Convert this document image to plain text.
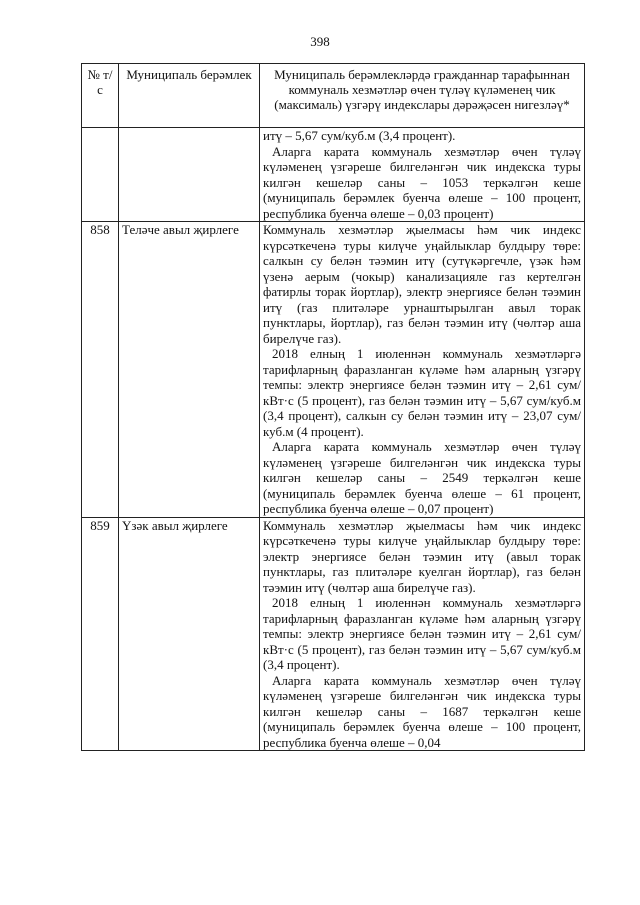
398
№ т/с	Муниципаль берәмлек	Муниципаль берәмлекләрдә гражданнар тарафыннан коммуналь хезмәтләр өчен түләү күләменең чик (максималь) үзгәрү индекслары дәрәҗәсен нигезләү*

		итү – 5,67 сум/куб.м (3,4 процент).

Аларга карата коммуналь хезмәтләр өчен түләү күләменең үзгәреше билгеләнгән чик индекска туры килгән кешеләр саны – 1053 теркәлгән кеше (муниципаль берәмлек буенча өлеше – 100 процент, республика буенча өлеше – 0,03 процент)

858	Теләче авыл җирлеге	Коммуналь хезмәтләр җыелмасы һәм чик индекс күрсәткеченә туры килүче уңайлыклар булдыру төре: салкын су белән тәэмин итү (сутүкәргечле, үзәк һәм үзенә аерым (чокыр) канализацияле газ кертелгән фатирлы торак йортлар), электр энергиясе белән тәэмин итү (газ плитәләре урнаштырылган авыл торак пунктлары, йортлар), газ белән тәэмин итү (чөлтәр аша бирелүче газ).

2018 елның 1 июленнән коммуналь хезмәтләргә тарифларның фаразланган күләме һәм аларның үзгәрү темпы: электр энергиясе белән тәэмин итү – 2,61 сум/кВт·с (5 процент), газ белән тәэмин итү – 5,67 сум/куб.м (3,4 процент), салкын су белән тәэмин итү – 23,07 сум/куб.м (4 процент).

Аларга карата коммуналь хезмәтләр өчен түләү күләменең үзгәреше билгеләнгән чик индекска туры килгән кешеләр саны – 2549 теркәлгән кеше (муниципаль берәмлек буенча өлеше – 61 процент, республика буенча өлеше – 0,07 процент)

859	Үзәк авыл җирлеге	Коммуналь хезмәтләр җыелмасы һәм чик индекс күрсәткеченә туры килүче уңайлыклар булдыру төре: электр энергиясе белән тәэмин итү (авыл торак пунктлары, газ плитәләре куелган йортлар), газ белән тәэмин итү (чөлтәр аша бирелүче газ).

2018 елның 1 июленнән коммуналь хезмәтләргә тарифларның фаразланган күләме һәм аларның үзгәрү темпы: электр энергиясе белән тәэмин итү – 2,61 сум/кВт·с (5 процент), газ белән тәэмин итү – 5,67 сум/куб.м (3,4 процент).

Аларга карата коммуналь хезмәтләр өчен түләү күләменең үзгәреше билгеләнгән чик индекска туры килгән кешеләр саны – 1687 теркәлгән кеше (муниципаль берәмлек буенча өлеше – 100 процент, республика буенча өлеше – 0,04
